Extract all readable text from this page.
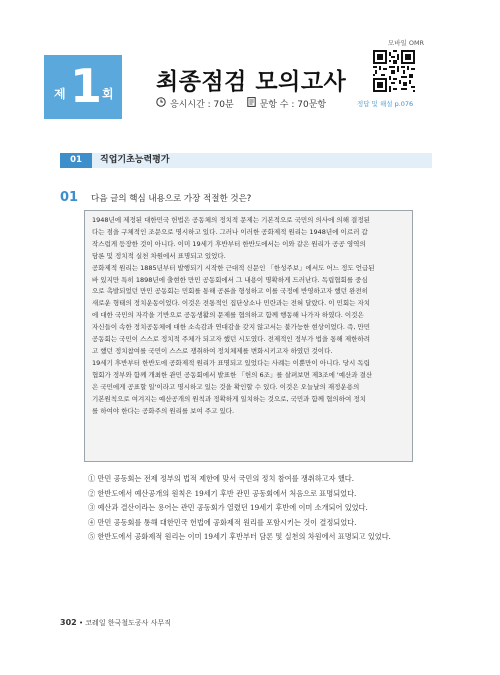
제 1 회 최종점검 모의고사
응시시간 : 70분
	문항 수 : 70문항
모바일 OMR
정답 및 해설 p.076
01	직업기초능력평가
01 다음 글의 핵심 내용으로 가장 적절한 것은?
1948년에 제정된 대한민국 헌법은 공동체의 정치적 문제는 기본적으로 국민의 의사에 의해 결정된
다는 점을 구체적인 조문으로 명시하고 있다. 그러나 이러한 공화제적 원리는 1948년에 이르러 갑
작스럽게 등장한 것이 아니다. 이미 19세기 후반부터 한반도에서는 이와 같은 원리가 공공 영역의
담론 및 정치적 실천 차원에서 표명되고 있었다.
공화제적 원리는 1885년부터 발행되기 시작한 근대적 신문인 「한성주보」에서도 어느 정도 언급된
바 있지만 특히 1898년에 출현한 만민 공동회에서 그 내용이 명확하게 드러난다. 독립협회를 중심
으로 촉발되었던 만민 공동회는 민회를 통해 공론을 형성하고 이를 국정에 반영하고자 했던 완전히
새로운 형태의 정치운동이었다. 이것은 전통적인 집단상소나 민란과는 전혀 달랐다. 이 민회는 자치
에 대한 국민의 자각을 기반으로 공동생활의 문제를 협의하고 함께 행동해 나가자 하였다. 이것은
자신들이 속한 정치공동체에 대한 소속감과 연대감을 갖지 않고서는 불가능한 현상이었다. 즉, 만민
공동회는 국민이 스스로 정치적 주체가 되고자 했던 시도였다. 전제적인 정부가 법을 통해 제한하려
고 했던 정치참여를 국민이 스스로 쟁취하여 정치체제를 변화시키고자 하였던 것이다.
19세기 후반부터 한반도에 공화제적 원리가 표명되고 있었다는 사례는 이뿐만이 아니다. 당시 독립
협회가 정부와 함께 개최한 관민 공동회에서 발표한 「헌의 6조」를 살펴보면 제3조에 '예산과 결산
은 국민에게 공표할 일'이라고 명시하고 있는 것을 확인할 수 있다. 이것은 오늘날의 재정운용의
기본원칙으로 여겨지는 예산공개의 원칙과 정확하게 일치하는 것으로, 국민과 함께 협의하여 정치
를 하여야 한다는 공화주의 원리를 보여 주고 있다.
① 만민 공동회는 전제 정부의 법적 제한에 맞서 국민의 정치 참여를 쟁취하고자 했다.
② 한반도에서 예산공개의 원칙은 19세기 후반 관민 공동회에서 처음으로 표명되었다.
③ 예산과 결산이라는 용어는 관민 공동회가 열렸던 19세기 후반에 이미 소개되어 있었다.
④ 만민 공동회를 통해 대한민국 헌법에 공화제적 원리를 포함시키는 것이 결정되었다.
⑤ 한반도에서 공화제적 원리는 이미 19세기 후반부터 담론 및 실천의 차원에서 표명되고 있었다.
302 • 코레일 한국철도공사 사무직
